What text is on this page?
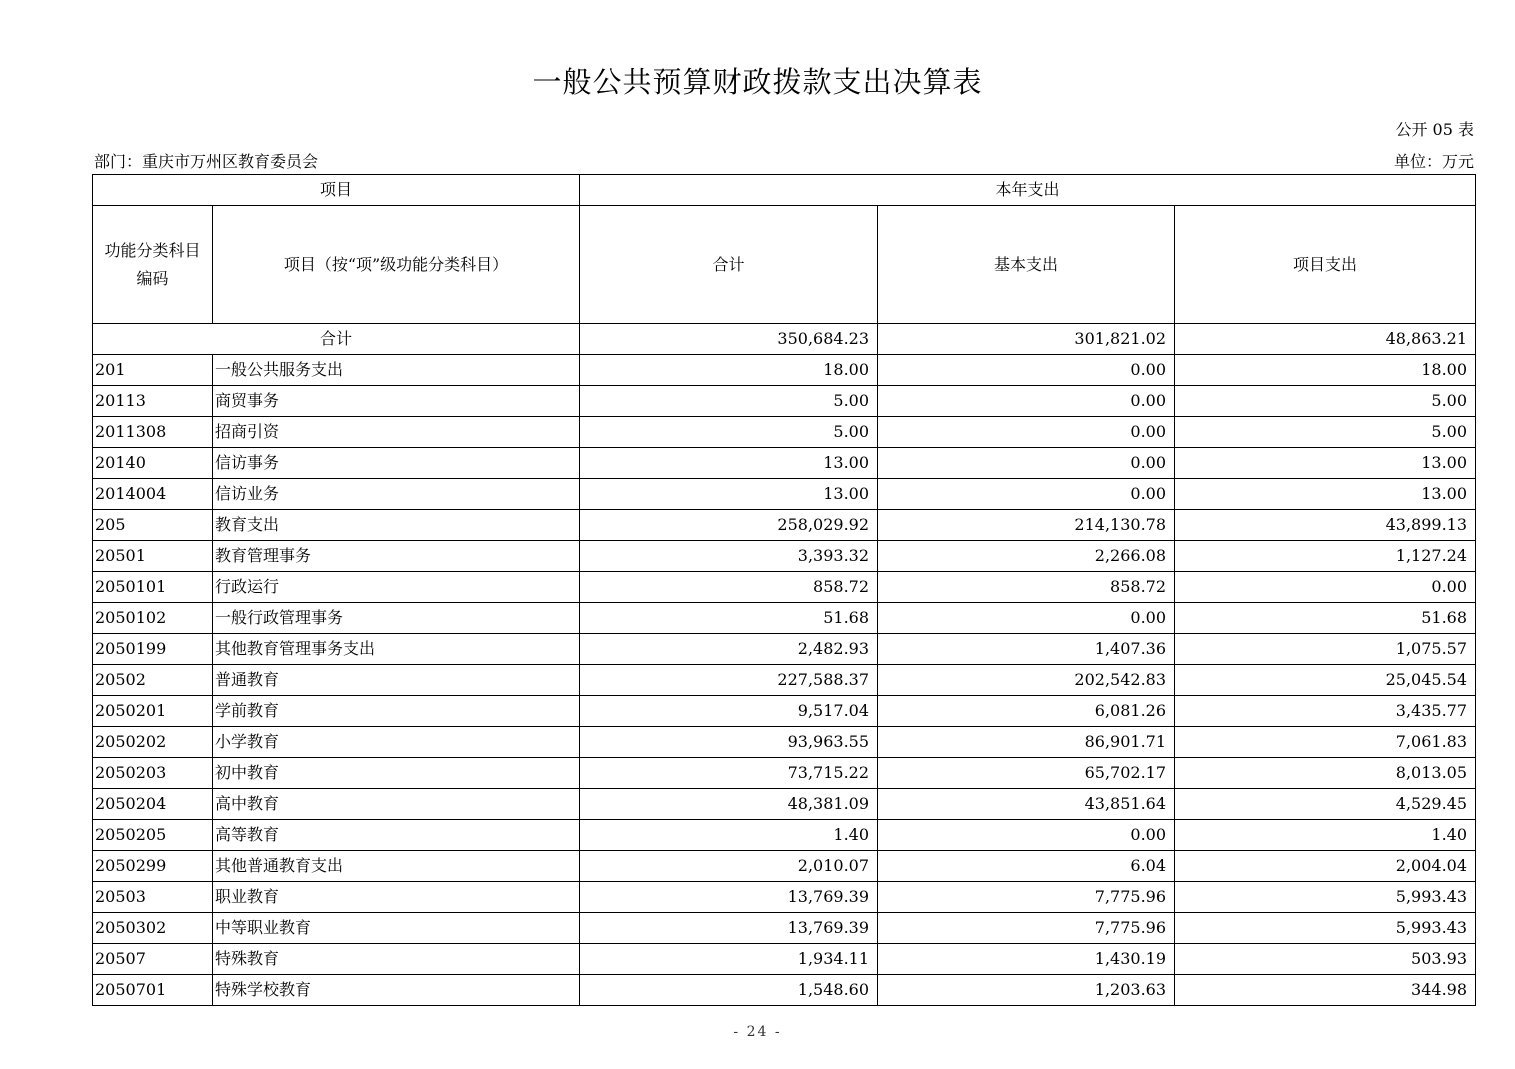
一般公共预算财政拨款支出决算表
公开 05 表
部门：重庆市万州区教育委员会	单位：万元
项目		本年支出		
功能分类科目编码	项目（按“项”级功能分类科目）	合计	基本支出	项目支出
合计		350,684.23	301,821.02	48,863.21
201	一般公共服务支出	18.00	0.00	18.00
20113	商贸事务	5.00	0.00	5.00
2011308	招商引资	5.00	0.00	5.00
20140	信访事务	13.00	0.00	13.00
2014004	信访业务	13.00	0.00	13.00
205	教育支出	258,029.92	214,130.78	43,899.13
20501	教育管理事务	3,393.32	2,266.08	1,127.24
2050101	行政运行	858.72	858.72	0.00
2050102	一般行政管理事务	51.68	0.00	51.68
2050199	其他教育管理事务支出	2,482.93	1,407.36	1,075.57
20502	普通教育	227,588.37	202,542.83	25,045.54
2050201	学前教育	9,517.04	6,081.26	3,435.77
2050202	小学教育	93,963.55	86,901.71	7,061.83
2050203	初中教育	73,715.22	65,702.17	8,013.05
2050204	高中教育	48,381.09	43,851.64	4,529.45
2050205	高等教育	1.40	0.00	1.40
2050299	其他普通教育支出	2,010.07	6.04	2,004.04
20503	职业教育	13,769.39	7,775.96	5,993.43
2050302	中等职业教育	13,769.39	7,775.96	5,993.43
20507	特殊教育	1,934.11	1,430.19	503.93
2050701	特殊学校教育	1,548.60	1,203.63	344.98
- 24 -
